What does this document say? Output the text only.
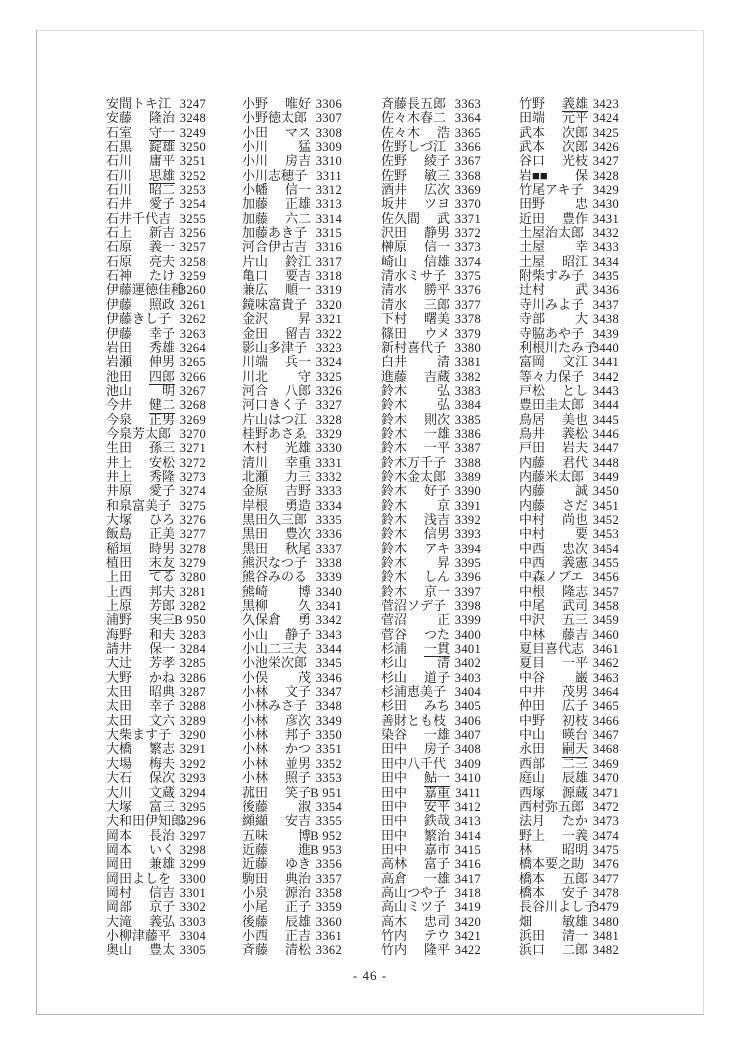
安間 トキ江 3247
安藤 隆治 3248
石室 守一 3249
石黒 錠雄 3250
石川 庸平 3251
石川 思雄 3252
石川 昭二 3253
石井 愛子 3254
石井 千代吉 3255
石上 新吉 3256
石原 義一 3257
石原 亮夫 3258
石神 たけ 3259
伊藤 運徳佳種
3260
伊藤 照政 3261
伊藤 きし子 3262
伊藤 幸子 3263
岩田 秀雄 3264
岩瀬 伸男 3265
池田 四郎 3266
池山 明 3267
今井 健二 3268
今泉 正男 3269
今泉 芳太郎 3270
生田 孫三 3271
井上 安松 3272
井上 秀隆 3273
井原 愛子 3274
和泉 富美子 3275
大塚 ひろ 3276
飯島 正美 3277
稲垣 時男 3278
植田 末友 3279
上田 てる 3280
上西 邦夫 3281
上原 芳郎 3282
浦野 実三 B 950
海野 和夫 3283
請井 保一 3284
大辻 芳孝 3285
大野 かね 3286
太田 昭典 3287
太田 幸子 3288
太田 文六 3289
大柴 ます子 3290
大橋 繁志 3291
大場 梅夫 3292
大石 保次 3293
大川 文蔵 3294
大塚 富三 3295
大和田 伊知郎
3296
岡本 長治 3297
岡本 いく 3298
岡田 兼雄 3299
岡田 よしを 3300
岡村 信吉 3301
岡部 京子 3302
大滝 義弘 3303
小柳津 藤平 3304
奥山 豊太 3305
小野 唯好 3306
小野 徳太郎 3307
小田 マス 3308
小川 猛 3309
小川 房吉 3310
小川 志穂子 3311
小幡 信一 3312
加藤 正雄 3313
加藤 六二 3314
加藤 あき子 3315
河合 伊古吉 3316
片山 鈴江 3317
亀口 要吉 3318
兼広 順一 3319
鏡味 富貴子 3320
金沢 昇 3321
金田 留吉 3322
影山 多津子 3323
川端 兵一 3324
川北 守 3325
河合 八郎 3326
河口 きく子 3327
片山 はつ江 3328
桂野 あさゑ 3329
木村 光雄 3330
清川 幸重 3331
北瀬 力三 3332
金原 吉野 3333
岸根 勇造 3334
黒田 久三郎 3335
黒田 豊次 3336
黒田 秋尾 3337
熊沢 なつ子 3338
熊谷 みのる 3339
熊崎 博 3340
黒柳 久 3341
久保倉 勇 3342
小山 静子 3343
小山 二三夫 3344
小池 栄次郎 3345
小俣 茂 3346
小林 文子 3347
小林 みさ子 3348
小林 彦次 3349
小林 邦子 3350
小林 かつ 3351
小林 並男 3352
小林 照子 3353
菰田 笑子 B 951
後藤 淑 3354
纐纈 安吉 3355
五味 博 B 952
近藤 進 B 953
近藤 ゆき 3356
駒田 典治 3357
小泉 源治 3358
小尾 正子 3359
後藤 辰雄 3360
小西 正吉 3361
斉藤 清松 3362
斉藤 長五郎 3363
佐々木 春二 3364
佐々木 浩 3365
佐野 しづ江 3366
佐野 綾子 3367
佐野 敏三 3368
酒井 広次 3369
坂井 ツヨ 3370
佐久間 武 3371
沢田 静男 3372
榊原 信一 3373
崎山 信雄 3374
清水 ミサ子 3375
清水 勝平 3376
清水 三郎 3377
下村 曙美 3378
篠田 ウメ 3379
新村 喜代子 3380
白井 清 3381
進藤 吉蔵 3382
鈴木 弘 3383
鈴木 弘 3384
鈴木 則次 3385
鈴木 一雄 3386
鈴木 一平 3387
鈴木 万千子 3388
鈴木 金太郎 3389
鈴木 好子 3390
鈴木 京 3391
鈴木 浅吉 3392
鈴木 信男 3393
鈴木 アキ 3394
鈴木 昇 3395
鈴木 しん 3396
鈴木 京一 3397
菅沼 ソデ子 3398
菅沼 正 3399
菅谷 つた 3400
杉浦 一貫 3401
杉山 清 3402
杉山 道子 3403
杉浦 恵美子 3404
杉田 みち 3405
善財 とも枝 3406
染谷 一雄 3407
田中 房子 3408
田中 八千代 3409
田中 鮎一 3410
田中 嘉重 3411
田中 安平 3412
田中 鉄哉 3413
田中 繁治 3414
田中 嘉市 3415
高林 富子 3416
高倉 一雄 3417
高山 つや子 3418
高山 ミツ子 3419
高木 忠司 3420
竹内 テウ 3421
竹内 隆平 3422
竹野 義雄 3423
田端 元平 3424
武本 次郎 3425
武本 次郎 3426
谷口 光枝 3427
岩■■ 保 3428
竹尾 アキ子 3429
田野 忠 3430
近田 豊作 3431
土屋 治太郎 3432
土屋 幸 3433
土屋 昭江 3434
附柴 すみ子 3435
辻村 武 3436
寺川 みよ子 3437
寺部 大 3438
寺脇 あや子 3439
利根川 たみ子
3440
富岡 文江 3441
等々力 保子 3442
戸松 とし 3443
豊田 圭太郎 3444
鳥居 美也 3445
鳥井 義松 3446
戸田 岩夫 3447
内藤 君代 3448
内藤 米太郎 3449
内藤 誠 3450
内藤 さだ 3451
中村 尚也 3452
中村 要 3453
中西 忠次 3454
中西 義憲 3455
中森 ノブエ 3456
中根 隆志 3457
中尾 武司 3458
中沢 五三 3459
中林 藤吉 3460
夏目 喜代志 3461
夏目 一平 3462
中谷 巌 3463
中井 茂男 3464
仲田 広子 3465
中野 初枝 3466
中山 暎台 3467
永田 嗣天 3468
西部 二三 3469
庭山 辰雄 3470
西塚 源蔵 3471
西村 弥五郎 3472
法月 たか 3473
野上 一義 3474
林 昭明 3475
橋本 要之助 3476
橋本 五郎 3477
橋本 安子 3478
長谷川 よし子
3479
畑 敏雄 3480
浜田 清一 3481
浜口 二郎 3482
- 46 -
